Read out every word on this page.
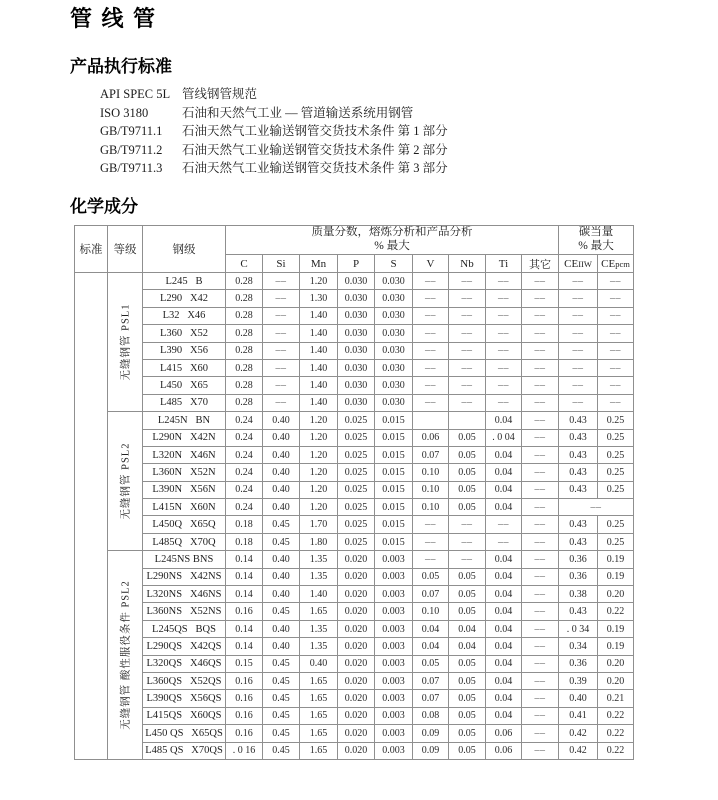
管 线 管
产品执行标准
API SPEC 5L 管线钢管规范
ISO 3180	石油和天然气工业 –– 管道输送系统用钢管
GB/T9711.1 石油天然气工业输送钢管交货技术条件 第 1 部分
GB/T9711.2 石油天然气工业输送钢管交货技术条件 第 2 部分
GB/T9711.3 石油天然气工业输送钢管交货技术条件 第 3 部分
化学成分
标准	等级	钢级	质量分数，熔炼分析和产品分析
% 最大									碳当量
% 最大	

			C	Si	Mn	P	S	V	Nb	Ti	其它	CEIIW	CEpcm

	无缝钢管 PSL1	L245   B	0.28	––	1.20	0.030	0.030	––	––	––	––	––	––
		L290   X42	0.28	––	1.30	0.030	0.030	––	––	––	––	––	––
		L32   X46	0.28	––	1.40	0.030	0.030	––	––	––	––	––	––
		L360   X52	0.28	––	1.40	0.030	0.030	––	––	––	––	––	––
		L390   X56	0.28	––	1.40	0.030	0.030	––	––	––	––	––	––
		L415   X60	0.28	––	1.40	0.030	0.030	––	––	––	––	––	––
		L450   X65	0.28	––	1.40	0.030	0.030	––	––	––	––	––	––
		L485   X70	0.28	––	1.40	0.030	0.030	––	––	––	––	––	––

	无缝钢管 PSL2	L245N   BN	0.24	0.40	1.20	0.025	0.015			0.04	––	0.43	0.25
		L290N   X42N	0.24	0.40	1.20	0.025	0.015	0.06	0.05	. 0 04	––	0.43	0.25
		L320N   X46N	0.24	0.40	1.20	0.025	0.015	0.07	0.05	0.04	––	0.43	0.25
		L360N   X52N	0.24	0.40	1.20	0.025	0.015	0.10	0.05	0.04	––	0.43	0.25
		L390N   X56N	0.24	0.40	1.20	0.025	0.015	0.10	0.05	0.04	––	0.43	0.25
		L415N   X60N	0.24	0.40	1.20	0.025	0.015	0.10	0.05	0.04	––	––	
		L450Q   X65Q	0.18	0.45	1.70	0.025	0.015	––	––	––	––	0.43	0.25
		L485Q   X70Q	0.18	0.45	1.80	0.025	0.015	––	––	––	––	0.43	0.25

	无缝钢管 酸性服役条件 PSL2	L245NS BNS	0.14	0.40	1.35	0.020	0.003	––	––	0.04	––	0.36	0.19
		L290NS   X42NS	0.14	0.40	1.35	0.020	0.003	0.05	0.05	0.04	––	0.36	0.19
		L320NS   X46NS	0.14	0.40	1.40	0.020	0.003	0.07	0.05	0.04	––	0.38	0.20
		L360NS   X52NS	0.16	0.45	1.65	0.020	0.003	0.10	0.05	0.04	––	0.43	0.22
		L245QS   BQS	0.14	0.40	1.35	0.020	0.003	0.04	0.04	0.04	––	. 0 34	0.19
		L290QS   X42QS	0.14	0.40	1.35	0.020	0.003	0.04	0.04	0.04	––	0.34	0.19
		L320QS   X46QS	0.15	0.45	0.40	0.020	0.003	0.05	0.05	0.04	––	0.36	0.20
		L360QS   X52QS	0.16	0.45	1.65	0.020	0.003	0.07	0.05	0.04	––	0.39	0.20
		L390QS   X56QS	0.16	0.45	1.65	0.020	0.003	0.07	0.05	0.04	––	0.40	0.21
		L415QS   X60QS	0.16	0.45	1.65	0.020	0.003	0.08	0.05	0.04	––	0.41	0.22
		L450 QS   X65QS	0.16	0.45	1.65	0.020	0.003	0.09	0.05	0.06	––	0.42	0.22
		L485 QS   X70QS	. 0 16	0.45	1.65	0.020	0.003	0.09	0.05	0.06	––	0.42	0.22
